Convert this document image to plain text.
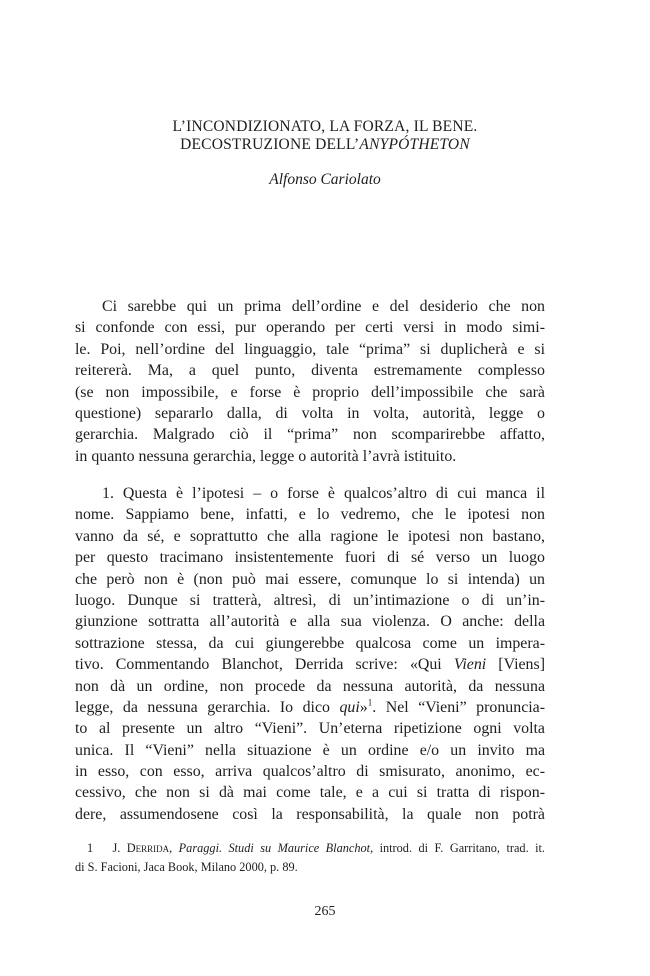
L’INCONDIZIONATO, LA FORZA, IL BENE.
DECOSTRUZIONE DELL’ANYPÓTHETON
Alfonso Cariolato
Ci sarebbe qui un prima dell’ordine e del desiderio che non
si confonde con essi, pur operando per certi versi in modo simi-
le. Poi, nell’ordine del linguaggio, tale “prima” si duplicherà e si
reitererà. Ma, a quel punto, diventa estremamente complesso
(se non impossibile, e forse è proprio dell’impossibile che sarà
questione) separarlo dalla, di volta in volta, autorità, legge o
gerarchia. Malgrado ciò il “prima” non scomparirebbe affatto,
in quanto nessuna gerarchia, legge o autorità l’avrà istituito.
1. Questa è l’ipotesi – o forse è qualcos’altro di cui manca il
nome. Sappiamo bene, infatti, e lo vedremo, che le ipotesi non
vanno da sé, e soprattutto che alla ragione le ipotesi non bastano,
per questo tracimano insistentemente fuori di sé verso un luogo
che però non è (non può mai essere, comunque lo si intenda) un
luogo. Dunque si tratterà, altresì, di un’intimazione o di un’in-
giunzione sottratta all’autorità e alla sua violenza. O anche: della
sottrazione stessa, da cui giungerebbe qualcosa come un impera-
tivo. Commentando Blanchot, Derrida scrive: «Qui Vieni [Viens]
non dà un ordine, non procede da nessuna autorità, da nessuna
legge, da nessuna gerarchia. Io dico qui»$^1$. Nel “Vieni” pronuncia-
to al presente un altro “Vieni”. Un’eterna ripetizione ogni volta
unica. Il “Vieni” nella situazione è un ordine e/o un invito ma
in esso, con esso, arriva qualcos’altro di smisurato, anonimo, ec-
cessivo, che non si dà mai come tale, e a cui si tratta di rispon-
dere, assumendosene così la responsabilità, la quale non potrà
1 J. Derrida, Paraggi. Studi su Maurice Blanchot, introd. di F. Garritano, trad. it.
di S. Facioni, Jaca Book, Milano 2000, p. 89.
265
